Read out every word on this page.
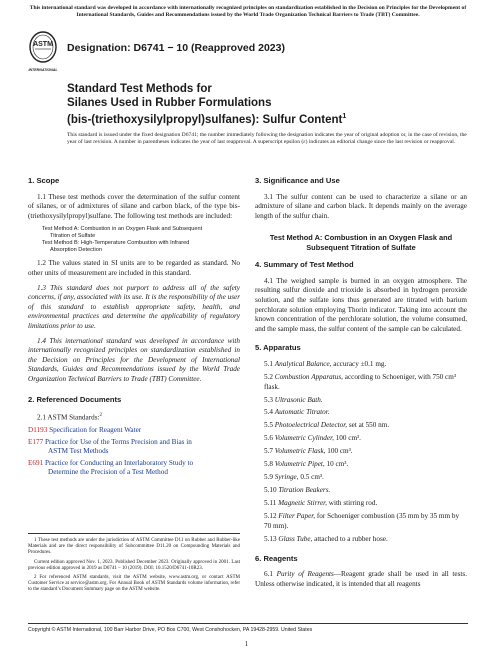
This international standard was developed in accordance with internationally recognized principles on standardization established in the Decision on Principles for the Development of International Standards, Guides and Recommendations issued by the World Trade Organization Technical Barriers to Trade (TBT) Committee.
ASTM
INTERNATIONAL
Designation: D6741 − 10 (Reapproved 2023)
Standard Test Methods for
Silanes Used in Rubber Formulations
(bis-(triethoxysilylpropyl)sulfanes): Sulfur Content$^1$
This standard is issued under the fixed designation D6741; the number immediately following the designation indicates the year of original adoption or, in the case of revision, the year of last revision. A number in parentheses indicates the year of last reapproval. A superscript epsilon (ε) indicates an editorial change since the last revision or reapproval.
1. Scope

1.1 These test methods cover the determination of the sulfur content of silanes, or of admixtures of silane and carbon black, of the type bis-(triethoxysilylpropyl)sulfane. The following test methods are included:

Test Method A: Combustion in an Oxygen Flask and Subsequent
Titration of Sulfate
Test Method B: High-Temperature Combustion with Infrared
Absorption Detection

1.2 The values stated in SI units are to be regarded as standard. No other units of measurement are included in this standard.

1.3 This standard does not purport to address all of the safety concerns, if any, associated with its use. It is the responsibility of the user of this standard to establish appropriate safety, health, and environmental practices and determine the applicability of regulatory limitations prior to use.

1.4 This international standard was developed in accordance with internationally recognized principles on standardization established in the Decision on Principles for the Development of International Standards, Guides and Recommendations issued by the World Trade Organization Technical Barriers to Trade (TBT) Committee.

2. Referenced Documents

2.1 ASTM Standards:$^2$

D1193 Specification for Reagent Water
E177 Practice for Use of the Terms Precision and Bias in
ASTM Test Methods
E691 Practice for Conducting an Interlaboratory Study to
Determine the Precision of a Test Method

1 These test methods are under the jurisdiction of ASTM Committee D11 on Rubber and Rubber-like Materials and are the direct responsibility of Subcommittee D11.20 on Compounding Materials and Procedures.

Current edition approved Nov. 1, 2023. Published December 2023. Originally approved in 2001. Last previous edition approved in 2019 as D6741 – 10 (2019). DOI: 10.1520/D6741-10R23.

2 For referenced ASTM standards, visit the ASTM website, www.astm.org, or contact ASTM Customer Service at service@astm.org. For Annual Book of ASTM Standards volume information, refer to the standard’s Document Summary page on the ASTM website.

3. Significance and Use

3.1 The sulfur content can be used to characterize a silane or an admixture of silane and carbon black. It depends mainly on the average length of the sulfur chain.

Test Method A: Combustion in an Oxygen Flask and
Subsequent Titration of Sulfate
4. Summary of Test Method

4.1 The weighed sample is burned in an oxygen atmosphere. The resulting sulfur dioxide and trioxide is absorbed in hydrogen peroxide solution, and the sulfate ions thus generated are titrated with barium perchlorate solution employing Thorin indicator. Taking into account the known concentration of the perchlorate solution, the volume consumed, and the sample mass, the sulfur content of the sample can be calculated.

5. Apparatus
5.1 Analytical Balance, accuracy ±0.1 mg.
5.2 Combustion Apparatus, according to Schoeniger, with 750 cm³ flask.
5.3 Ultrasonic Bath.
5.4 Automatic Titrator.
5.5 Photoelectrical Detector, set at 550 nm.
5.6 Volumetric Cylinder, 100 cm³.
5.7 Volumetric Flask, 100 cm³.
5.8 Volumetric Pipet, 10 cm³.
5.9 Syringe, 0.5 cm³.
5.10 Titration Beakers.
5.11 Magnetic Stirrer, with stirring rod.
5.12 Filter Paper, for Schoeniger combustion (35 mm by 35 mm by 70 mm).
5.13 Glass Tube, attached to a rubber hose.
6. Reagents

6.1 Purity of Reagents—Reagent grade shall be used in all tests. Unless otherwise indicated, it is intended that all reagents

Copyright © ASTM International, 100 Barr Harbor Drive, PO Box C700, West Conshohocken, PA 19428-2959. United States
1
